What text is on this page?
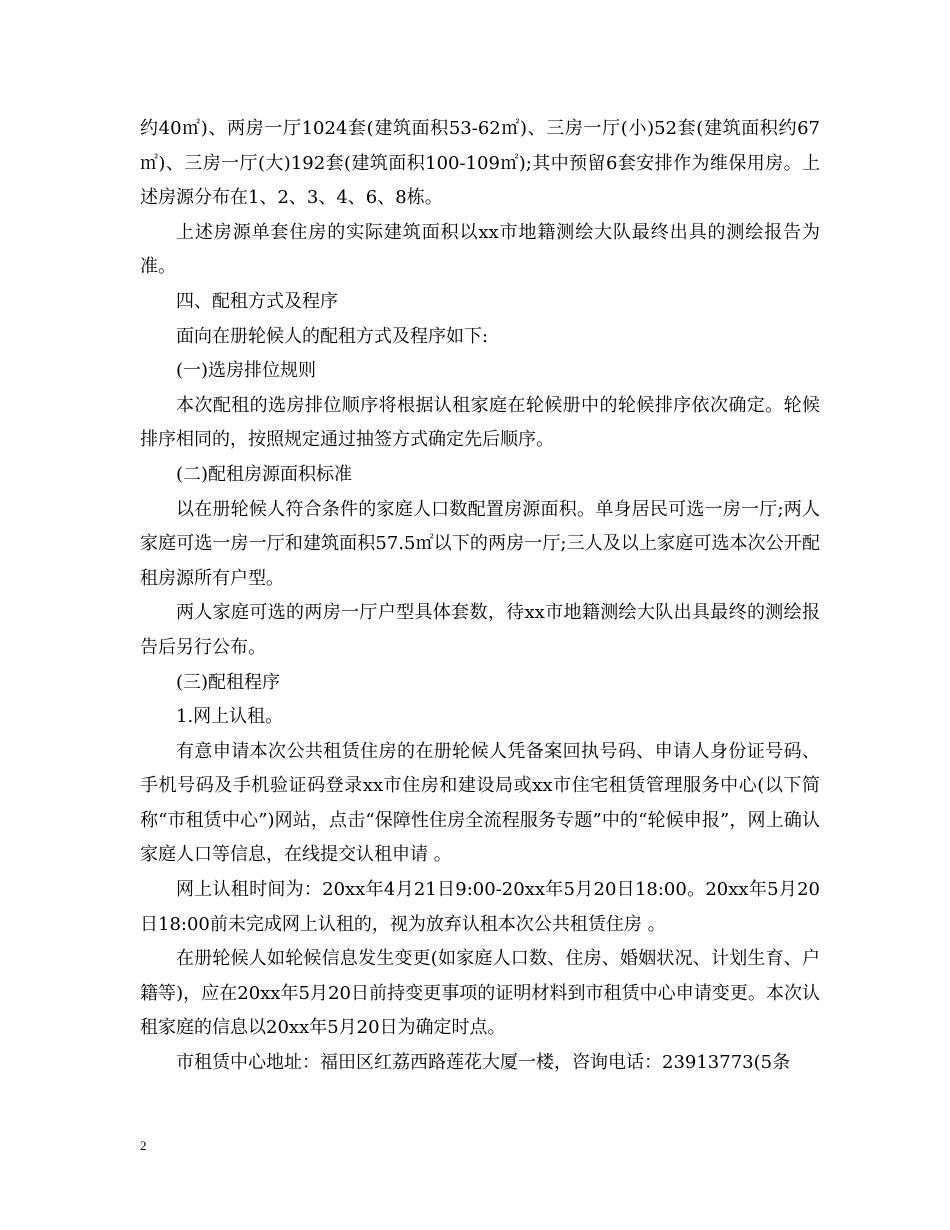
约40㎡)、两房一厅1024套(建筑面积53-62㎡)、三房一厅(小)52套(建筑面积约67㎡)、三房一厅(大)192套(建筑面积100-109㎡);其中预留6套安排作为维保用房。上述房源分布在1、2、3、4、6、8栋。

上述房源单套住房的实际建筑面积以xx市地籍测绘大队最终出具的测绘报告为准。

四、配租方式及程序

面向在册轮候人的配租方式及程序如下:

(一)选房排位规则

本次配租的选房排位顺序将根据认租家庭在轮候册中的轮候排序依次确定。轮候排序相同的，按照规定通过抽签方式确定先后顺序。

(二)配租房源面积标准

以在册轮候人符合条件的家庭人口数配置房源面积。单身居民可选一房一厅;两人家庭可选一房一厅和建筑面积57.5㎡以下的两房一厅;三人及以上家庭可选本次公开配租房源所有户型。

两人家庭可选的两房一厅户型具体套数，待xx市地籍测绘大队出具最终的测绘报告后另行公布。

(三)配租程序

1.网上认租。

有意申请本次公共租赁住房的在册轮候人凭备案回执号码、申请人身份证号码、手机号码及手机验证码登录xx市住房和建设局或xx市住宅租赁管理服务中心(以下简称“市租赁中心”)网站，点击“保障性住房全流程服务专题”中的“轮候申报”，网上确认家庭人口等信息，在线提交认租申请 。

网上认租时间为：20xx年4月21日9:00-20xx年5月20日18:00。20xx年5月20日18:00前未完成网上认租的，视为放弃认租本次公共租赁住房 。

在册轮候人如轮候信息发生变更(如家庭人口数、住房、婚姻状况、计划生育、户籍等)，应在20xx年5月20日前持变更事项的证明材料到市租赁中心申请变更。本次认租家庭的信息以20xx年5月20日为确定时点。

市租赁中心地址：福田区红荔西路莲花大厦一楼，咨询电话：23913773(5条

2
